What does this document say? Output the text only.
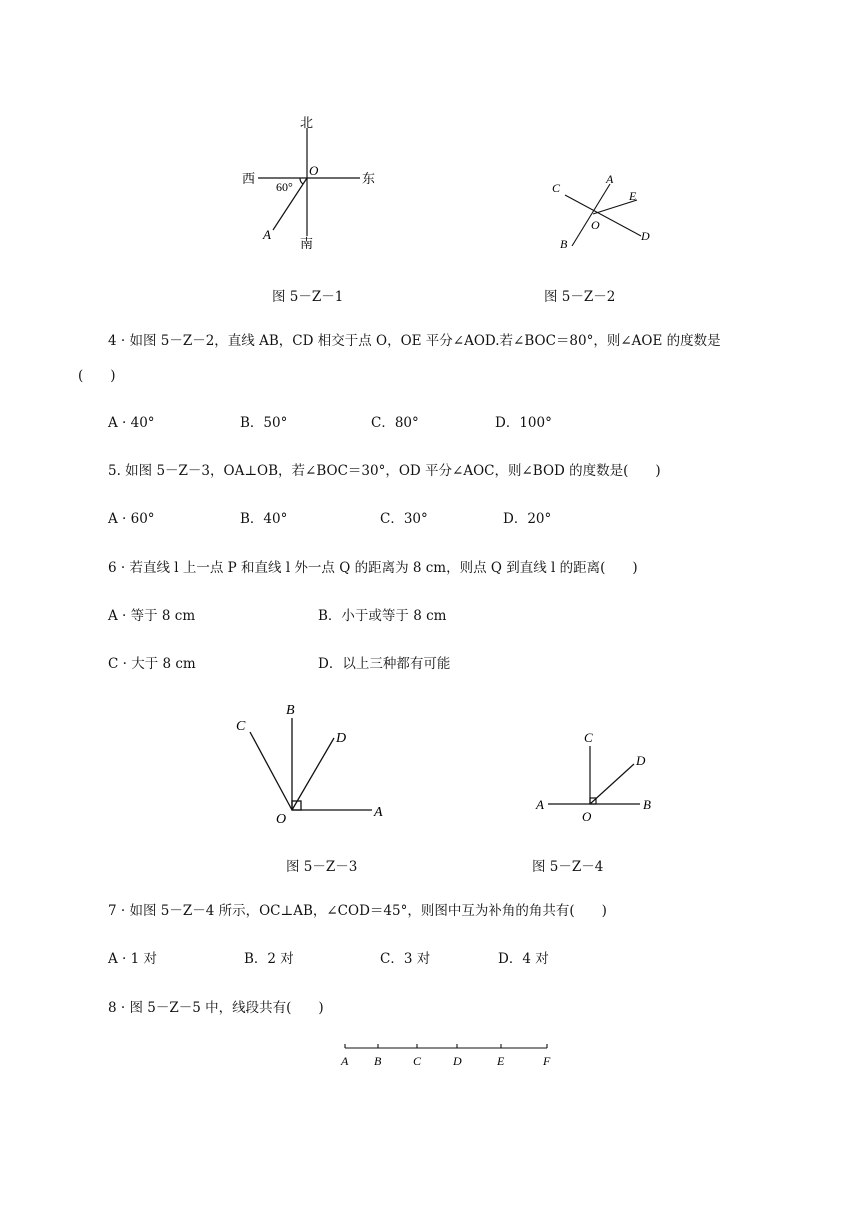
北
西	东
南
O
60°
A
图 5－Z－1
C
A
E
O
D
B
图 5－Z－2
4 · 如图 5－Z－2，直线 AB，CD 相交于点 O，OE 平分∠AOD.若∠BOC＝80°，则∠AOE 的度数是
(　　)
A · 40°	B．50°	C．80°	D．100°
5. 如图 5－Z－3，OA⊥OB，若∠BOC＝30°，OD 平分∠AOC，则∠BOD 的度数是(　　)
A · 60°	B．40°	C．30°	D．20°
6 · 若直线 l 上一点 P 和直线 l 外一点 Q 的距离为 8 cm，则点 Q 到直线 l 的距离(　　)
A · 等于 8 cm	B．小于或等于 8 cm
C · 大于 8 cm	D．以上三种都有可能
C
B
D
O	A
图 5－Z－3
C
D
A
O
B
图 5－Z－4
7 · 如图 5－Z－4 所示，OC⊥AB，∠COD＝45°，则图中互为补角的角共有(　　)
A · 1 对	B．2 对	C．3 对	D．4 对
8 · 图 5－Z－5 中，线段共有(　　)
A B	C	D	E	F
